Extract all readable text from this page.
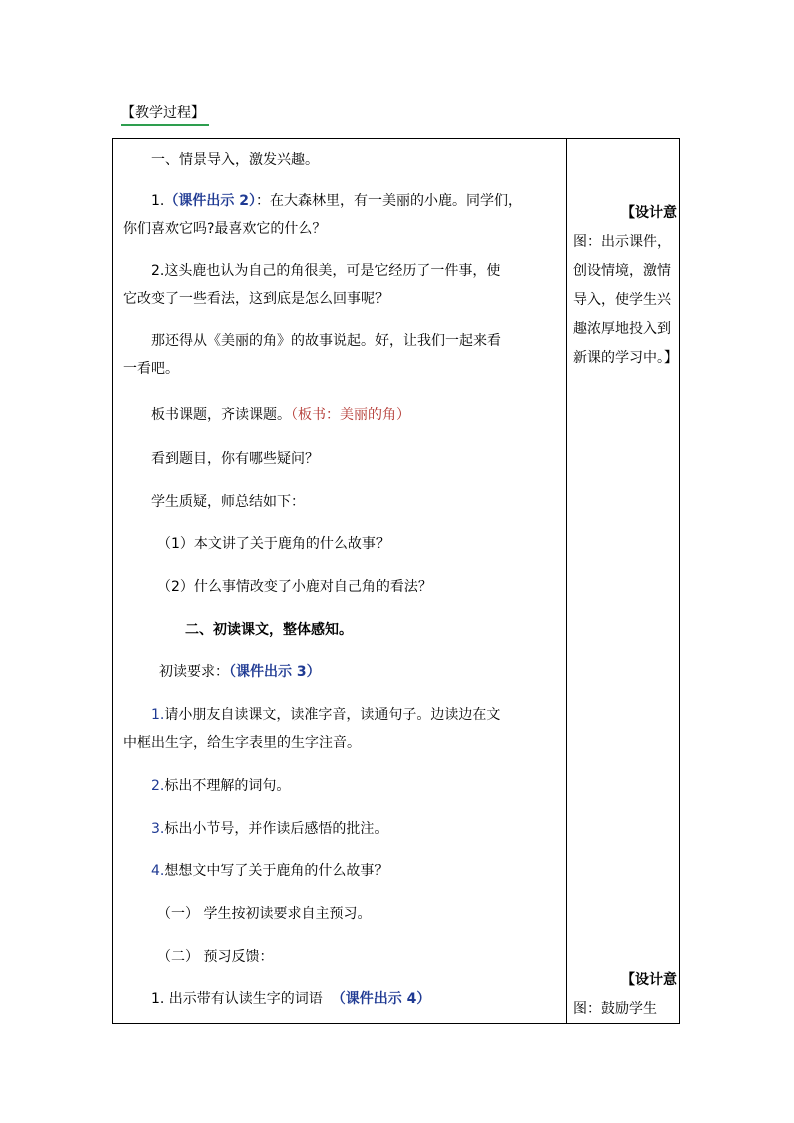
【教学过程】
一、情景导入，激发兴趣。
1.（课件出示 2）：在大森林里，有一美丽的小鹿。同学们，
你们喜欢它吗?最喜欢它的什么？
2.这头鹿也认为自己的角很美，可是它经历了一件事，使
它改变了一些看法，这到底是怎么回事呢？
那还得从《美丽的角》的故事说起。好，让我们一起来看
一看吧。
板书课题，齐读课题。（板书：美丽的角）
看到题目，你有哪些疑问？
学生质疑，师总结如下：
（1）本文讲了关于鹿角的什么故事？
（2）什么事情改变了小鹿对自己角的看法？
二、初读课文，整体感知。
初读要求：（课件出示 3）
1.请小朋友自读课文，读准字音，读通句子。边读边在文
中框出生字，给生字表里的生字注音。
2.标出不理解的词句。
3.标出小节号，并作读后感悟的批注。
4.想想文中写了关于鹿角的什么故事？
（一） 学生按初读要求自主预习。
（二） 预习反馈：
1. 出示带有认读生字的词语 （课件出示 4）
【设计意
图：出示课件，创设情境，激情导入，使学生兴趣浓厚地投入到新课的学习中。】
【设计意
图：鼓励学生
